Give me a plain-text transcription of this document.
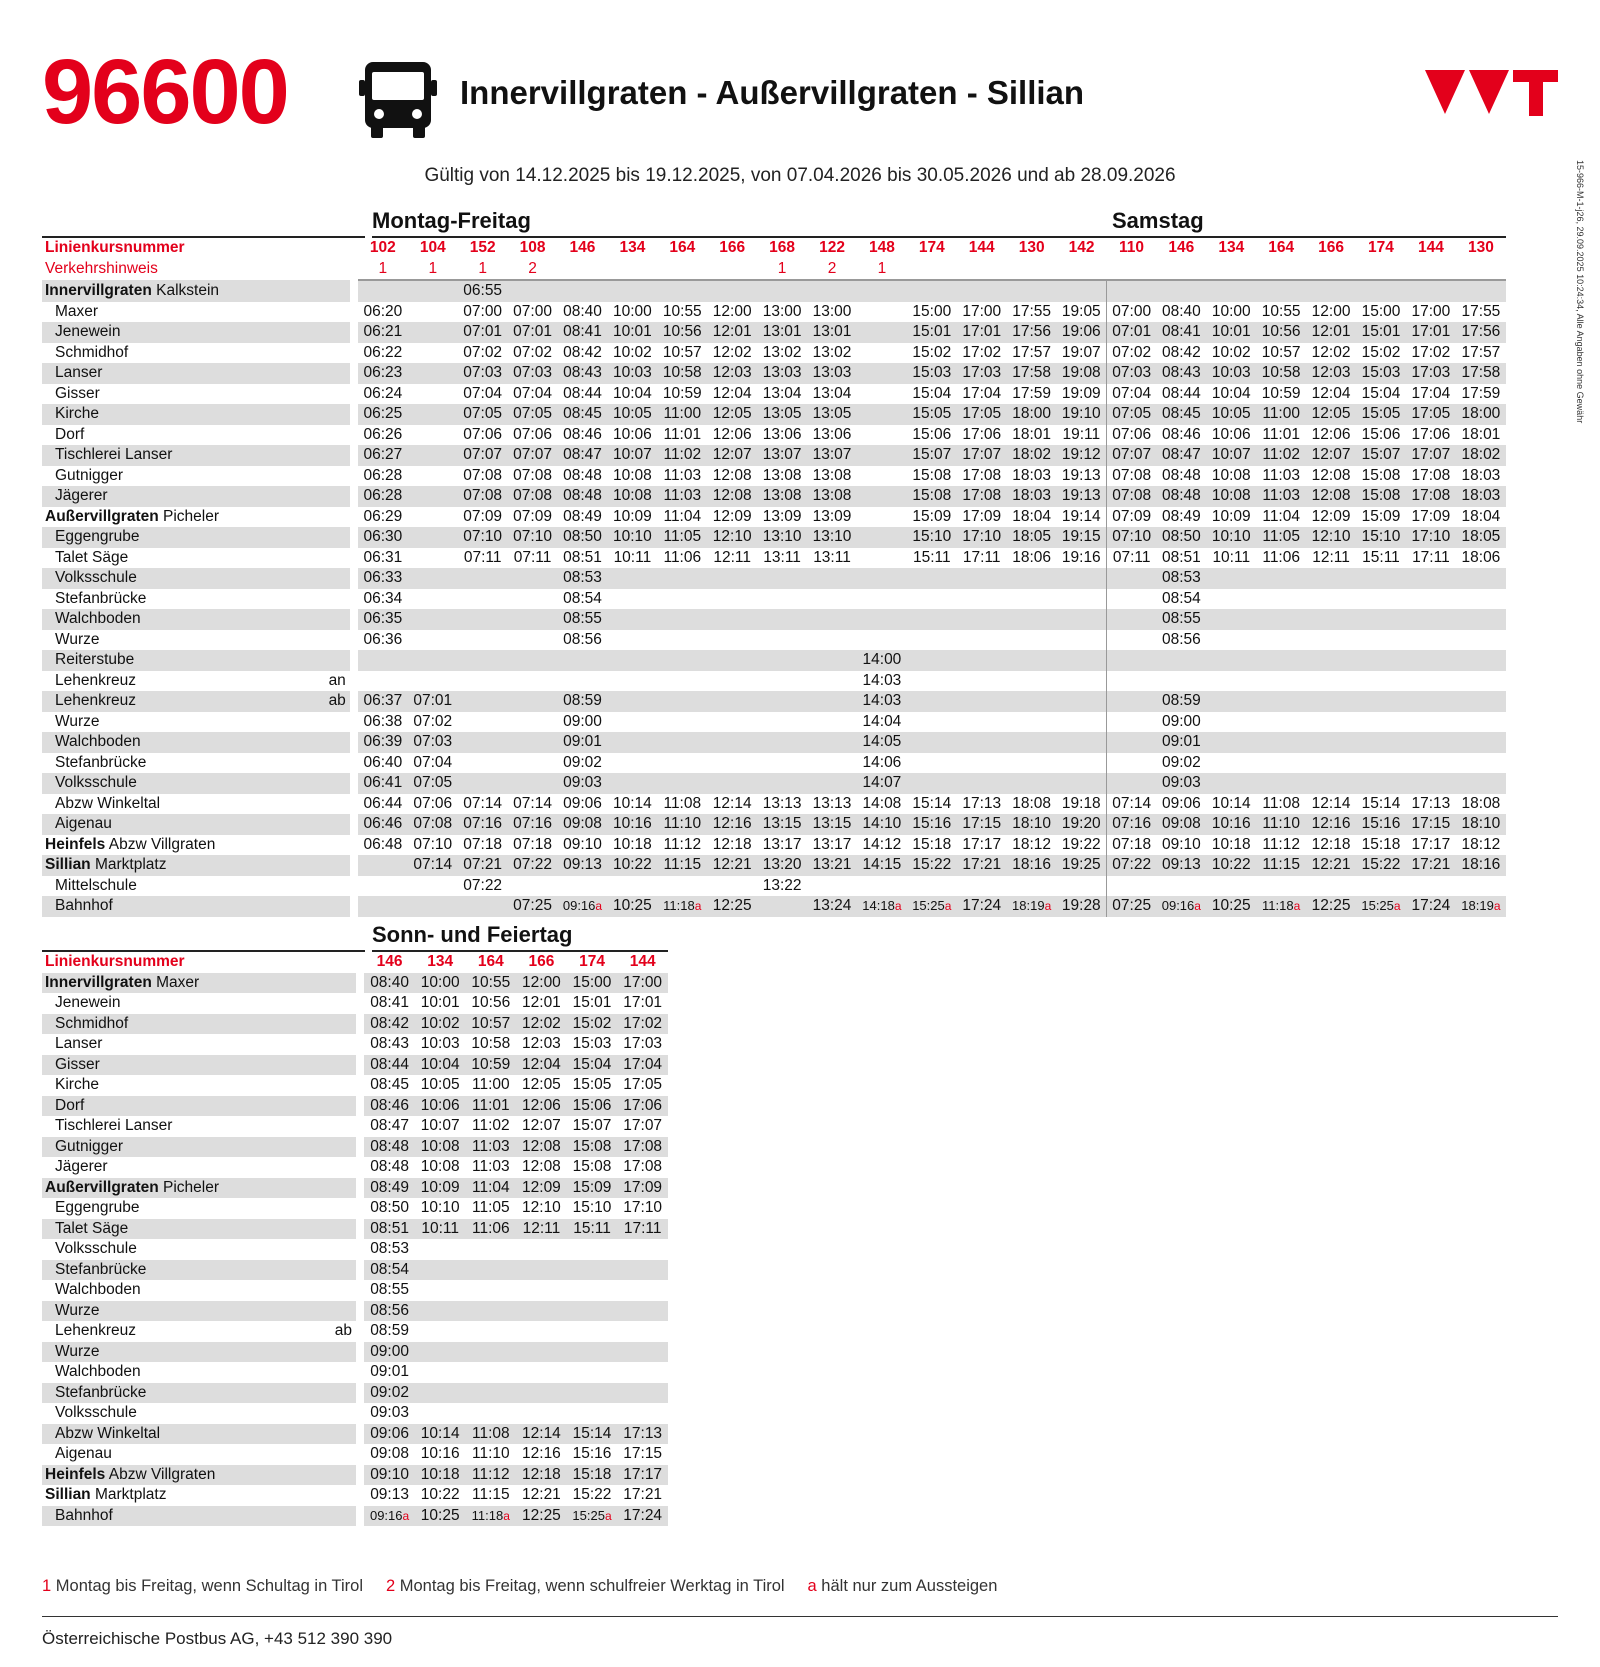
96600	Innervillgraten - Außervillgraten - Sillian
15-966-M-1-j26, 29.09.2025 10:24:34, Alle Angaben ohne Gewähr
Gültig von 14.12.2025 bis 19.12.2025, von 07.04.2026 bis 30.05.2026 und ab 28.09.2026
Montag-Freitag	Samstag
Linienkursnummer		102	104	152	108	146	134	164	166	168	122	148	174	144	130	142	110	146	134	164	166	174	144	130
Verkehrshinweis		1	1	1	2					1	2	1												
Innervillgraten Kalkstein				06:55																				
Maxer		06:20		07:00	07:00	08:40	10:00	10:55	12:00	13:00	13:00		15:00	17:00	17:55	19:05	07:00	08:40	10:00	10:55	12:00	15:00	17:00	17:55
Jenewein		06:21		07:01	07:01	08:41	10:01	10:56	12:01	13:01	13:01		15:01	17:01	17:56	19:06	07:01	08:41	10:01	10:56	12:01	15:01	17:01	17:56
Schmidhof		06:22		07:02	07:02	08:42	10:02	10:57	12:02	13:02	13:02		15:02	17:02	17:57	19:07	07:02	08:42	10:02	10:57	12:02	15:02	17:02	17:57
Lanser		06:23		07:03	07:03	08:43	10:03	10:58	12:03	13:03	13:03		15:03	17:03	17:58	19:08	07:03	08:43	10:03	10:58	12:03	15:03	17:03	17:58
Gisser		06:24		07:04	07:04	08:44	10:04	10:59	12:04	13:04	13:04		15:04	17:04	17:59	19:09	07:04	08:44	10:04	10:59	12:04	15:04	17:04	17:59
Kirche		06:25		07:05	07:05	08:45	10:05	11:00	12:05	13:05	13:05		15:05	17:05	18:00	19:10	07:05	08:45	10:05	11:00	12:05	15:05	17:05	18:00
Dorf		06:26		07:06	07:06	08:46	10:06	11:01	12:06	13:06	13:06		15:06	17:06	18:01	19:11	07:06	08:46	10:06	11:01	12:06	15:06	17:06	18:01
Tischlerei Lanser		06:27		07:07	07:07	08:47	10:07	11:02	12:07	13:07	13:07		15:07	17:07	18:02	19:12	07:07	08:47	10:07	11:02	12:07	15:07	17:07	18:02
Gutnigger		06:28		07:08	07:08	08:48	10:08	11:03	12:08	13:08	13:08		15:08	17:08	18:03	19:13	07:08	08:48	10:08	11:03	12:08	15:08	17:08	18:03
Jägerer		06:28		07:08	07:08	08:48	10:08	11:03	12:08	13:08	13:08		15:08	17:08	18:03	19:13	07:08	08:48	10:08	11:03	12:08	15:08	17:08	18:03
Außervillgraten Picheler		06:29		07:09	07:09	08:49	10:09	11:04	12:09	13:09	13:09		15:09	17:09	18:04	19:14	07:09	08:49	10:09	11:04	12:09	15:09	17:09	18:04
Eggengrube		06:30		07:10	07:10	08:50	10:10	11:05	12:10	13:10	13:10		15:10	17:10	18:05	19:15	07:10	08:50	10:10	11:05	12:10	15:10	17:10	18:05
Talet Säge		06:31		07:11	07:11	08:51	10:11	11:06	12:11	13:11	13:11		15:11	17:11	18:06	19:16	07:11	08:51	10:11	11:06	12:11	15:11	17:11	18:06
Volksschule		06:33				08:53												08:53						
Stefanbrücke		06:34				08:54												08:54						
Walchboden		06:35				08:55												08:55						
Wurze		06:36				08:56												08:56						
Reiterstube												14:00												
Lehenkreuz an												14:03												
Lehenkreuz ab		06:37	07:01			08:59						14:03						08:59						
Wurze		06:38	07:02			09:00						14:04						09:00						
Walchboden		06:39	07:03			09:01						14:05						09:01						
Stefanbrücke		06:40	07:04			09:02						14:06						09:02						
Volksschule		06:41	07:05			09:03						14:07						09:03						
Abzw Winkeltal		06:44	07:06	07:14	07:14	09:06	10:14	11:08	12:14	13:13	13:13	14:08	15:14	17:13	18:08	19:18	07:14	09:06	10:14	11:08	12:14	15:14	17:13	18:08
Aigenau		06:46	07:08	07:16	07:16	09:08	10:16	11:10	12:16	13:15	13:15	14:10	15:16	17:15	18:10	19:20	07:16	09:08	10:16	11:10	12:16	15:16	17:15	18:10
Heinfels Abzw Villgraten		06:48	07:10	07:18	07:18	09:10	10:18	11:12	12:18	13:17	13:17	14:12	15:18	17:17	18:12	19:22	07:18	09:10	10:18	11:12	12:18	15:18	17:17	18:12
Sillian Marktplatz			07:14	07:21	07:22	09:13	10:22	11:15	12:21	13:20	13:21	14:15	15:22	17:21	18:16	19:25	07:22	09:13	10:22	11:15	12:21	15:22	17:21	18:16
Mittelschule				07:22						13:22														
Bahnhof					07:25	09:16a	10:25	11:18a	12:25		13:24	14:18a	15:25a	17:24	18:19a	19:28	07:25	09:16a	10:25	11:18a	12:25	15:25a	17:24	18:19a
Sonn- und Feiertag
Linienkursnummer		146	134	164	166	174	144
Innervillgraten Maxer		08:40	10:00	10:55	12:00	15:00	17:00
Jenewein		08:41	10:01	10:56	12:01	15:01	17:01
Schmidhof		08:42	10:02	10:57	12:02	15:02	17:02
Lanser		08:43	10:03	10:58	12:03	15:03	17:03
Gisser		08:44	10:04	10:59	12:04	15:04	17:04
Kirche		08:45	10:05	11:00	12:05	15:05	17:05
Dorf		08:46	10:06	11:01	12:06	15:06	17:06
Tischlerei Lanser		08:47	10:07	11:02	12:07	15:07	17:07
Gutnigger		08:48	10:08	11:03	12:08	15:08	17:08
Jägerer		08:48	10:08	11:03	12:08	15:08	17:08
Außervillgraten Picheler		08:49	10:09	11:04	12:09	15:09	17:09
Eggengrube		08:50	10:10	11:05	12:10	15:10	17:10
Talet Säge		08:51	10:11	11:06	12:11	15:11	17:11
Volksschule		08:53					
Stefanbrücke		08:54					
Walchboden		08:55					
Wurze		08:56					
Lehenkreuz ab		08:59					
Wurze		09:00					
Walchboden		09:01					
Stefanbrücke		09:02					
Volksschule		09:03					
Abzw Winkeltal		09:06	10:14	11:08	12:14	15:14	17:13
Aigenau		09:08	10:16	11:10	12:16	15:16	17:15
Heinfels Abzw Villgraten		09:10	10:18	11:12	12:18	15:18	17:17
Sillian Marktplatz		09:13	10:22	11:15	12:21	15:22	17:21
Bahnhof		09:16a	10:25	11:18a	12:25	15:25a	17:24
1 Montag bis Freitag, wenn Schultag in Tirol 2 Montag bis Freitag, wenn schulfreier Werktag in Tirol a hält nur zum Aussteigen
Österreichische Postbus AG, +43 512 390 390
